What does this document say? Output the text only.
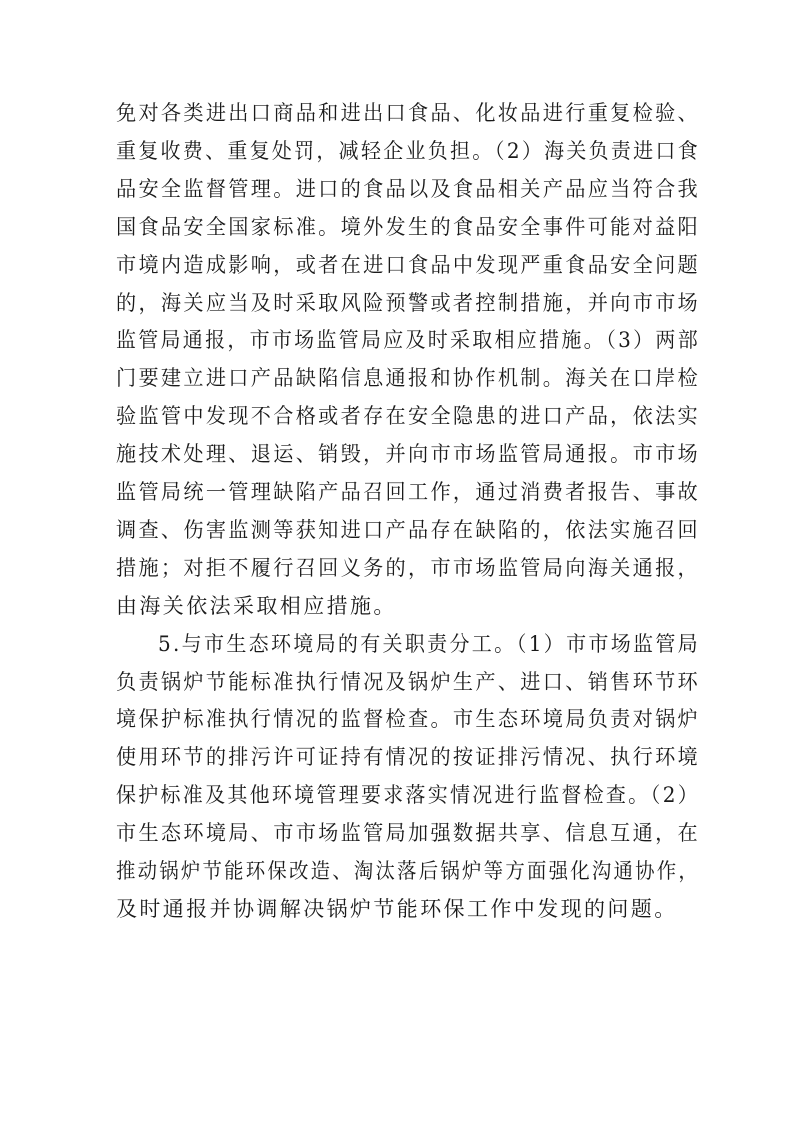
免对各类进出口商品和进出口食品、化妆品进行重复检验、
重复收费、重复处罚，减轻企业负担。（2）海关负责进口食
品安全监督管理。进口的食品以及食品相关产品应当符合我
国食品安全国家标准。境外发生的食品安全事件可能对益阳
市境内造成影响，或者在进口食品中发现严重食品安全问题
的，海关应当及时采取风险预警或者控制措施，并向市市场
监管局通报，市市场监管局应及时采取相应措施。（3）两部
门要建立进口产品缺陷信息通报和协作机制。海关在口岸检
验监管中发现不合格或者存在安全隐患的进口产品，依法实
施技术处理、退运、销毁，并向市市场监管局通报。市市场
监管局统一管理缺陷产品召回工作，通过消费者报告、事故
调查、伤害监测等获知进口产品存在缺陷的，依法实施召回
措施；对拒不履行召回义务的，市市场监管局向海关通报，
由海关依法采取相应措施。
5.与市生态环境局的有关职责分工。（1）市市场监管局
负责锅炉节能标准执行情况及锅炉生产、进口、销售环节环
境保护标准执行情况的监督检查。市生态环境局负责对锅炉
使用环节的排污许可证持有情况的按证排污情况、执行环境
保护标准及其他环境管理要求落实情况进行监督检查。（2）
市生态环境局、市市场监管局加强数据共享、信息互通，在
推动锅炉节能环保改造、淘汰落后锅炉等方面强化沟通协作，
及时通报并协调解决锅炉节能环保工作中发现的问题。
